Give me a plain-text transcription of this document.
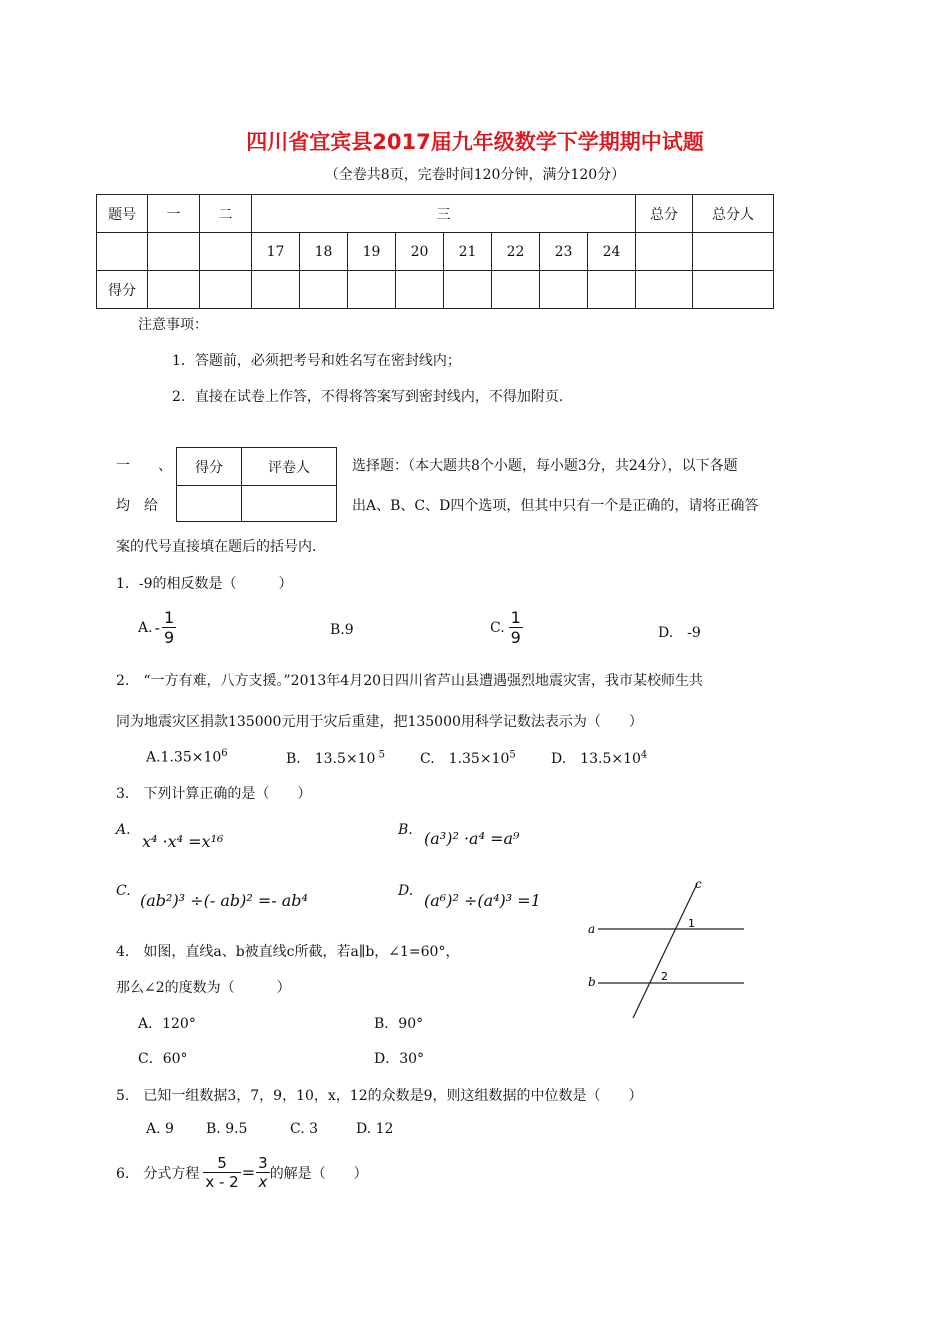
四川省宜宾县2017届九年级数学下学期期中试题
（全卷共8页，完卷时间120分钟，满分120分）
题号	一	二	三								总分	总分人
			17	18	19	20	21	22	23	24		
得分												
注意事项：
1．答题前，必须把考号和姓名写在密封线内；
2．直接在试卷上作答，不得将答案写到密封线内，不得加附页.
一　　、
均　给
得分	评卷人
		选择题：（本大题共8个小题，每小题3分，共24分），以下各题
出A、B、C、D四个选项，但其中只有一个是正确的，请将正确答
案的代号直接填在题后的括号内.
1．-9的相反数是（　　　）
A. - $\frac{1}{9}$	B.9	C. $\frac{1}{9}$	D.　-9
2.　“一方有难，八方支援。”2013年4月20日四川省芦山县遭遇强烈地震灾害，我市某校师生共
同为地震灾区捐款135000元用于灾后重建，把135000用科学记数法表示为（　　）
$A.1.35\times 10^6$	B.　13.5×10 $^5$ C.　$1.35\times 10^5$	D.　$13.5\times 10^4$
3.　下列计算正确的是（　　）
A.
x⁴ ·x⁴ =x¹⁶
B. (a³)² ·a⁴ =a⁹
C. (ab²)³ ÷(- ab)² =- ab⁴	D. (a⁶)² ÷(a⁴)³ =1
a
b
c
1
2
4.　如图，直线a、b被直线c所截，若a∥b，∠1=60°，
那么∠2的度数为（　　　）
A．120°	B．90°
C．60°	D．30°
5.　已知一组数据3，7，9，10，x，12的众数是9，则这组数据的中位数是（　　）
A. 9 B. 9.5	C. 3	D. 12
6.　分式方程 $\frac{5}{x - 2} = \frac{3}{x}$ 的解是（　　）
